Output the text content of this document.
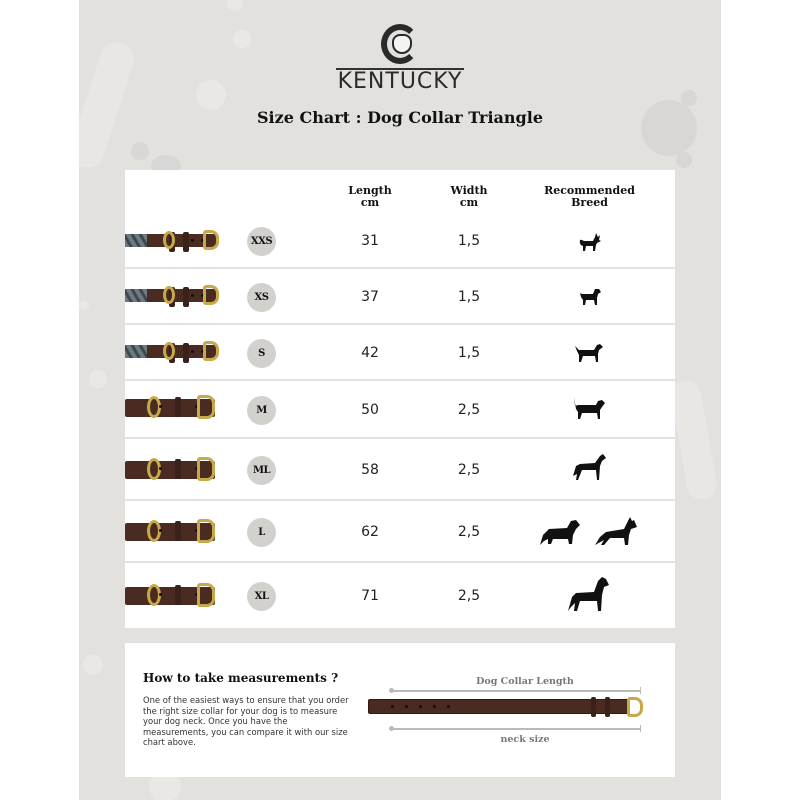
KENTUCKY
Size Chart : Dog Collar Triangle
Length
cm
Width
cm
Recommended
Breed
XXS	31	1,5
XS	37	1,5
S	42	1,5
M	50	2,5
ML	58	2,5
L	62	2,5
XL	71	2,5
How to take measurements ?
One of the easiest ways to ensure that you order the right size collar for your dog is to measure your dog neck. Once you have the measurements, you can compare it with our size chart above.
Dog Collar Length
neck size
